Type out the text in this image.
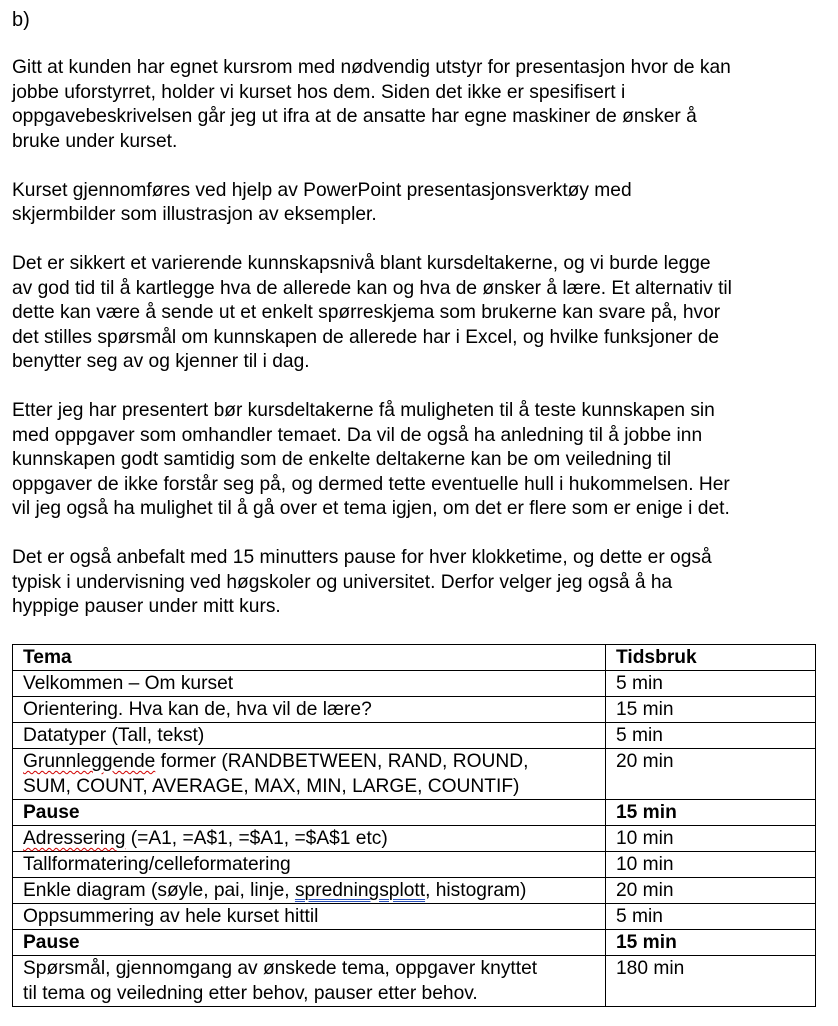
b)
Gitt at kunden har egnet kursrom med nødvendig utstyr for presentasjon hvor de kan
jobbe uforstyrret, holder vi kurset hos dem. Siden det ikke er spesifisert i
oppgavebeskrivelsen går jeg ut ifra at de ansatte har egne maskiner de ønsker å
bruke under kurset.
Kurset gjennomføres ved hjelp av PowerPoint presentasjonsverktøy med
skjermbilder som illustrasjon av eksempler.
Det er sikkert et varierende kunnskapsnivå blant kursdeltakerne, og vi burde legge
av god tid til å kartlegge hva de allerede kan og hva de ønsker å lære. Et alternativ til
dette kan være å sende ut et enkelt spørreskjema som brukerne kan svare på, hvor
det stilles spørsmål om kunnskapen de allerede har i Excel, og hvilke funksjoner de
benytter seg av og kjenner til i dag.
Etter jeg har presentert bør kursdeltakerne få muligheten til å teste kunnskapen sin
med oppgaver som omhandler temaet. Da vil de også ha anledning til å jobbe inn
kunnskapen godt samtidig som de enkelte deltakerne kan be om veiledning til
oppgaver de ikke forstår seg på, og dermed tette eventuelle hull i hukommelsen. Her
vil jeg også ha mulighet til å gå over et tema igjen, om det er flere som er enige i det.
Det er også anbefalt med 15 minutters pause for hver klokketime, og dette er også
typisk i undervisning ved høgskoler og universitet. Derfor velger jeg også å ha
hyppige pauser under mitt kurs.
Tema	Tidsbruk

Velkommen – Om kurset	5 min

Orientering. Hva kan de, hva vil de lære?	15 min

Datatyper (Tall, tekst)	5 min

Grunnleggende former (RANDBETWEEN, RAND, ROUND,
SUM, COUNT, AVERAGE, MAX, MIN, LARGE, COUNTIF)	20 min

Pause	15 min

Adressering (=A1, =A$1, =$A1, =$A$1 etc)	10 min

Tallformatering/celleformatering	10 min

Enkle diagram (søyle, pai, linje, spredningsplott, histogram)	20 min

Oppsummering av hele kurset hittil	5 min

Pause	15 min

Spørsmål, gjennomgang av ønskede tema, oppgaver knyttet
til tema og veiledning etter behov, pauser etter behov.	180 min
